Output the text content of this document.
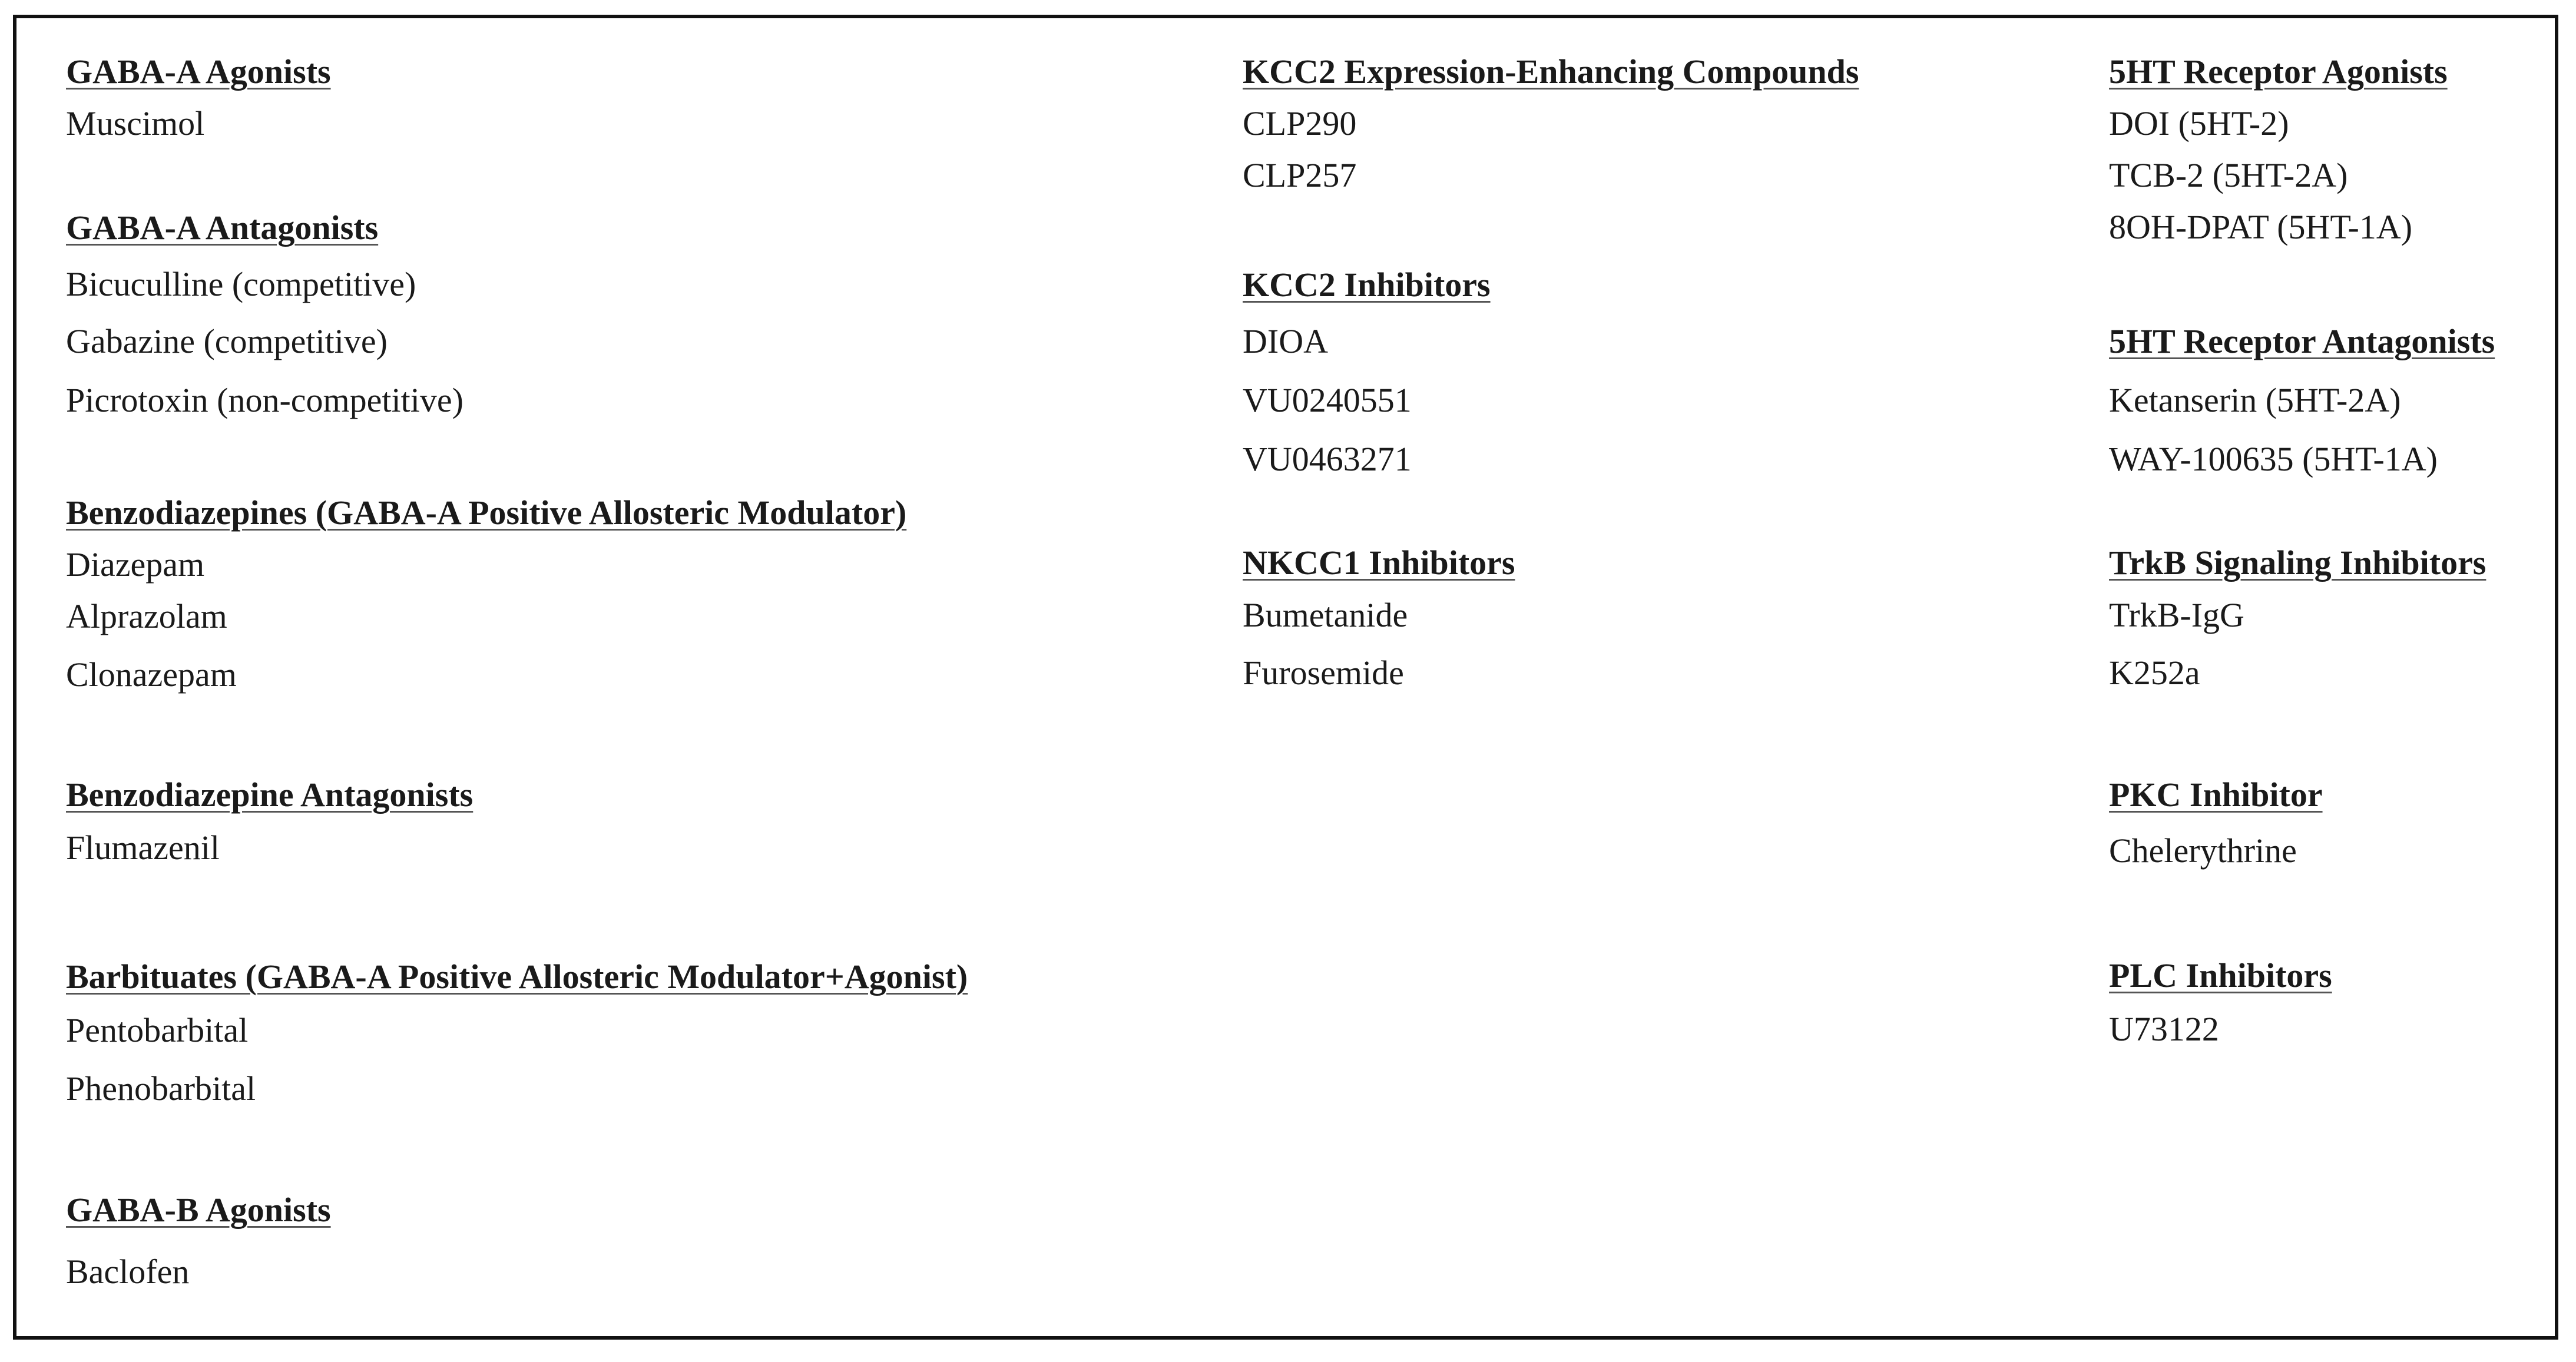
GABA-A Agonists
Muscimol
GABA-A Antagonists
Bicuculline (competitive)
Gabazine (competitive)
Picrotoxin (non-competitive)
Benzodiazepines (GABA-A Positive Allosteric Modulator)
Diazepam
Alprazolam
Clonazepam
Benzodiazepine Antagonists
Flumazenil
Barbituates (GABA-A Positive Allosteric Modulator+Agonist)
Pentobarbital
Phenobarbital
GABA-B Agonists
Baclofen
KCC2 Expression-Enhancing Compounds
CLP290
CLP257
KCC2 Inhibitors
DIOA
VU0240551
VU0463271
NKCC1 Inhibitors
Bumetanide
Furosemide
5HT Receptor Agonists
DOI (5HT-2)
TCB-2 (5HT-2A)
8OH-DPAT (5HT-1A)
5HT Receptor Antagonists
Ketanserin (5HT-2A)
WAY-100635 (5HT-1A)
TrkB Signaling Inhibitors
TrkB-IgG
K252a
PKC Inhibitor
Chelerythrine
PLC Inhibitors
U73122
